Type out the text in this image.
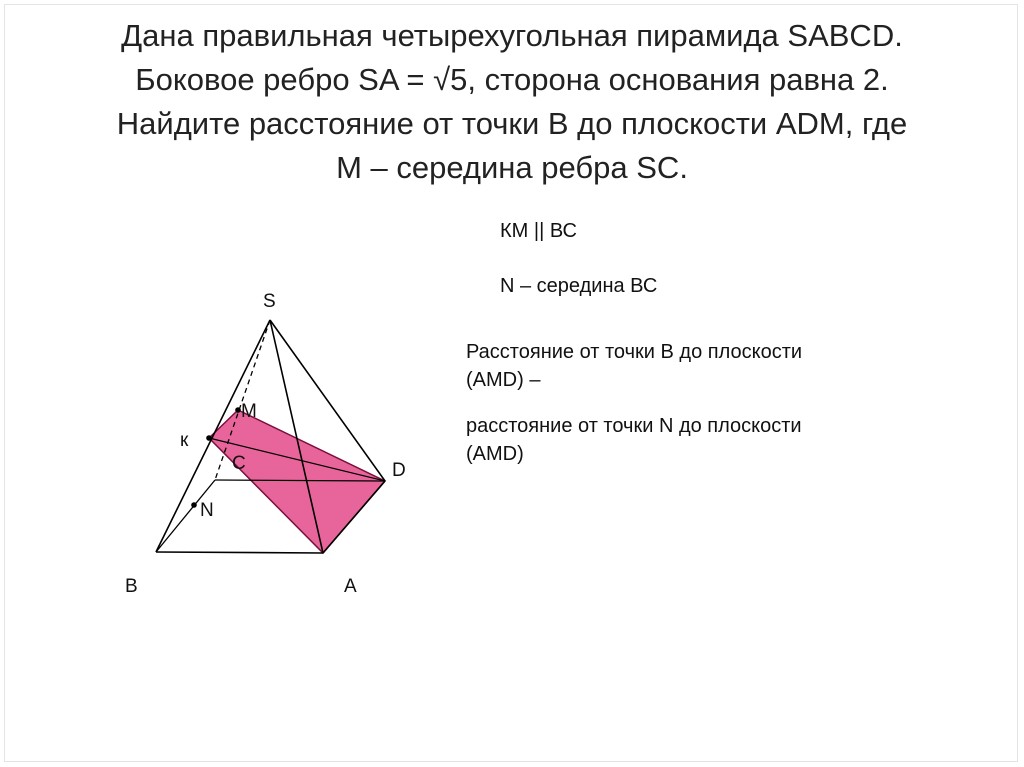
Дана правильная четырехугольная пирамида SABCD.
Боковое ребро SA = √5, сторона основания равна 2.
Найдите расстояние от точки B до плоскости ADM, где
M – середина ребра SC.
КМ || ВС
N – середина ВС
Расстояние от точки В до плоскости
(AMD) –
расстояние от точки N до плоскости
(AMD)
S
M
к
C	D
N
B	A
